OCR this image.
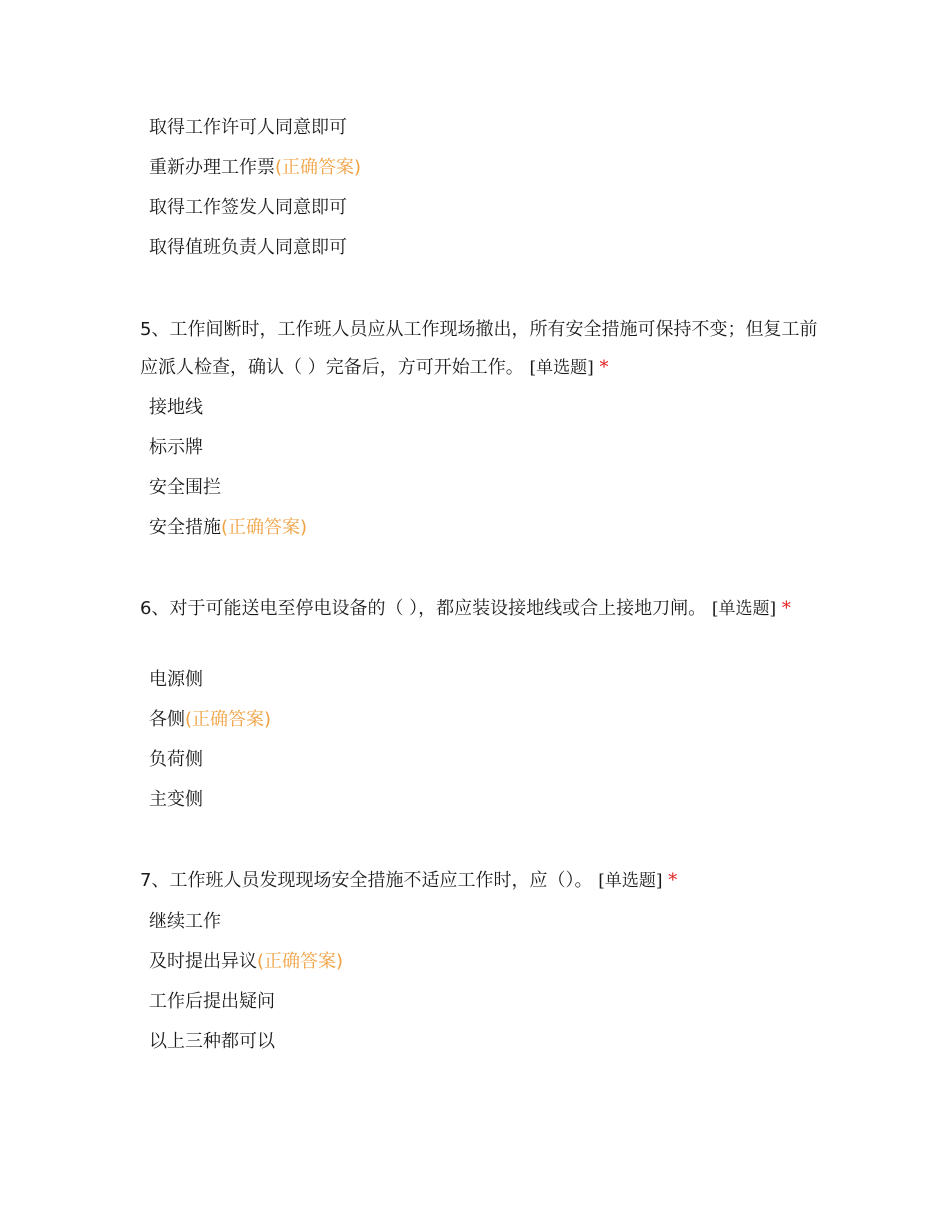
取得工作许可人同意即可
重新办理工作票(正确答案)
取得工作签发人同意即可
取得值班负责人同意即可
5、工作间断时，工作班人员应从工作现场撤出，所有安全措施可保持不变；但复工前应派人检查，确认（ ）完备后，方可开始工作。 [单选题] *
接地线
标示牌
安全围拦
安全措施(正确答案)
6、对于可能送电至停电设备的（ ），都应装设接地线或合上接地刀闸。 [单选题] *
电源侧
各侧(正确答案)
负荷侧
主变侧
7、工作班人员发现现场安全措施不适应工作时，应（）。 [单选题] *
继续工作
及时提出异议(正确答案)
工作后提出疑问
以上三种都可以
